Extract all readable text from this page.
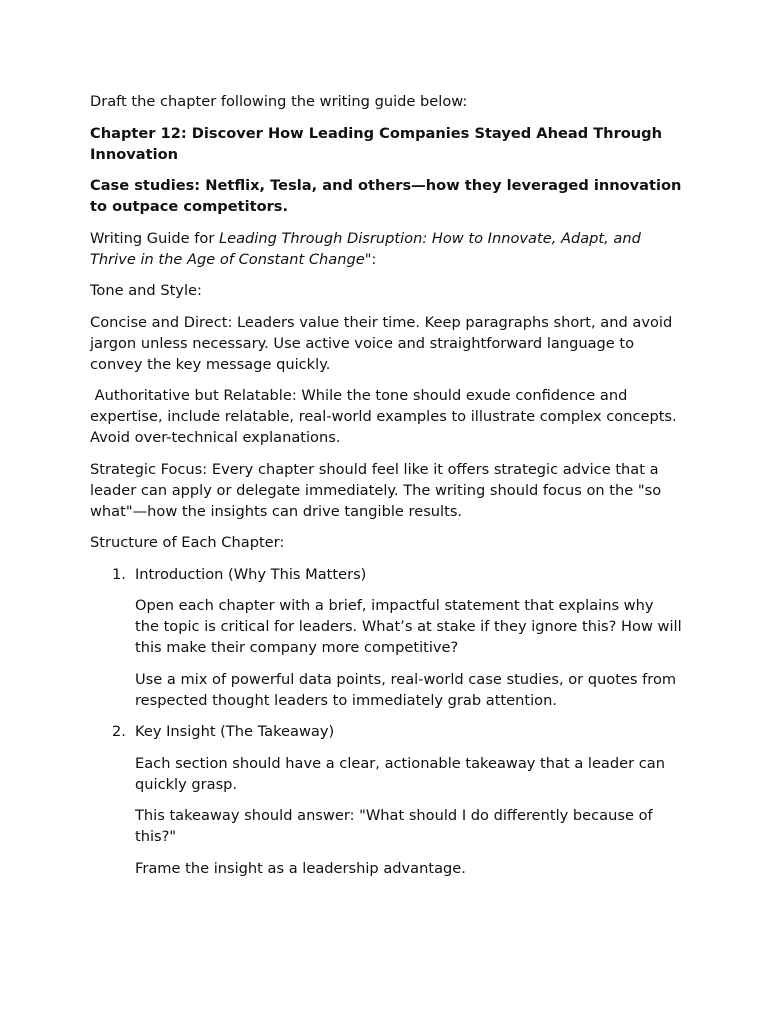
Draft the chapter following the writing guide below:

Chapter 12: Discover How Leading Companies Stayed Ahead Through Innovation

Case studies: Netflix, Tesla, and others—how they leveraged innovation to outpace competitors.

Writing Guide for Leading Through Disruption: How to Innovate, Adapt, and Thrive in the Age of Constant Change":

Tone and Style:

Concise and Direct: Leaders value their time. Keep paragraphs short, and avoid jargon unless necessary. Use active voice and straightforward language to convey the key message quickly.

Authoritative but Relatable: While the tone should exude confidence and expertise, include relatable, real-world examples to illustrate complex concepts. Avoid over-technical explanations.

Strategic Focus: Every chapter should feel like it offers strategic advice that a leader can apply or delegate immediately. The writing should focus on the "so what"—how the insights can drive tangible results.

Structure of Each Chapter:

1. Introduction (Why This Matters)

Open each chapter with a brief, impactful statement that explains why the topic is critical for leaders. What’s at stake if they ignore this? How will this make their company more competitive?

Use a mix of powerful data points, real-world case studies, or quotes from respected thought leaders to immediately grab attention.

2. Key Insight (The Takeaway)

Each section should have a clear, actionable takeaway that a leader can quickly grasp.

This takeaway should answer: "What should I do differently because of this?"

Frame the insight as a leadership advantage.
